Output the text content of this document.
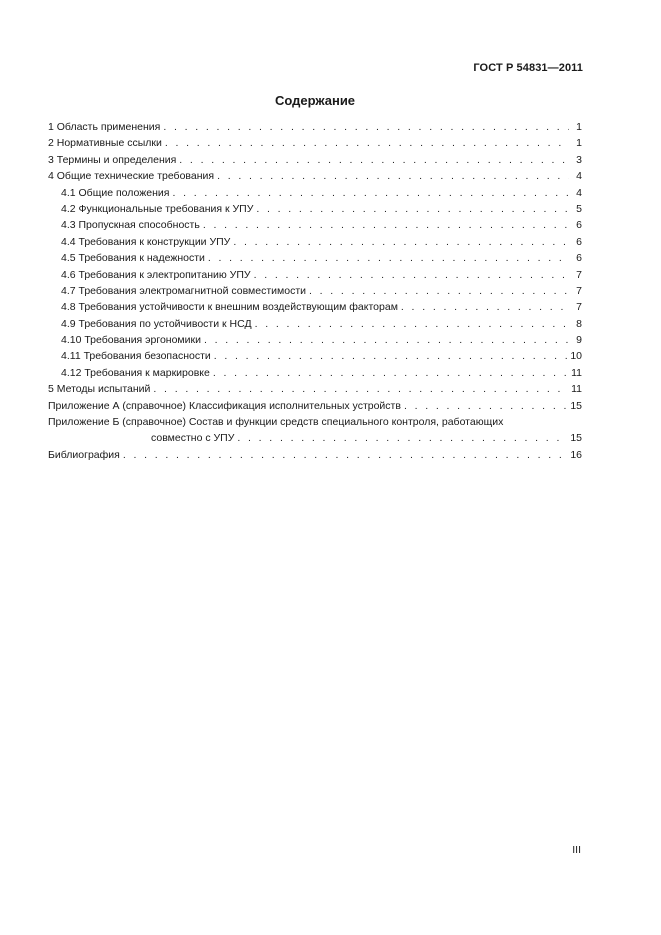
ГОСТ Р 54831—2011
Содержание
1 Область применения . . .	1
2 Нормативные ссылки . . .	1
3 Термины и определения . . .	3
4 Общие технические требования . . .	4
4.1 Общие положения . . .	4
4.2 Функциональные требования к УПУ . . .	5
4.3 Пропускная способность . . .	6
4.4 Требования к конструкции УПУ . . .	6
4.5 Требования к надежности . . .	6
4.6 Требования к электропитанию УПУ . . .	7
4.7 Требования электромагнитной совместимости . . .	7
4.8 Требования устойчивости к внешним воздействующим факторам . . .	7
4.9 Требования по устойчивости к НСД . . .	8
4.10 Требования эргономики . . .	9
4.11 Требования безопасности . . .	10
4.12 Требования к маркировке . . .	11
5 Методы испытаний . . .	11
Приложение А (справочное) Классификация исполнительных устройств . . .	15
Приложение Б (справочное) Состав и функции средств специального контроля, работающих
совместно с УПУ . . .	15
Библиография . . .	16
III
